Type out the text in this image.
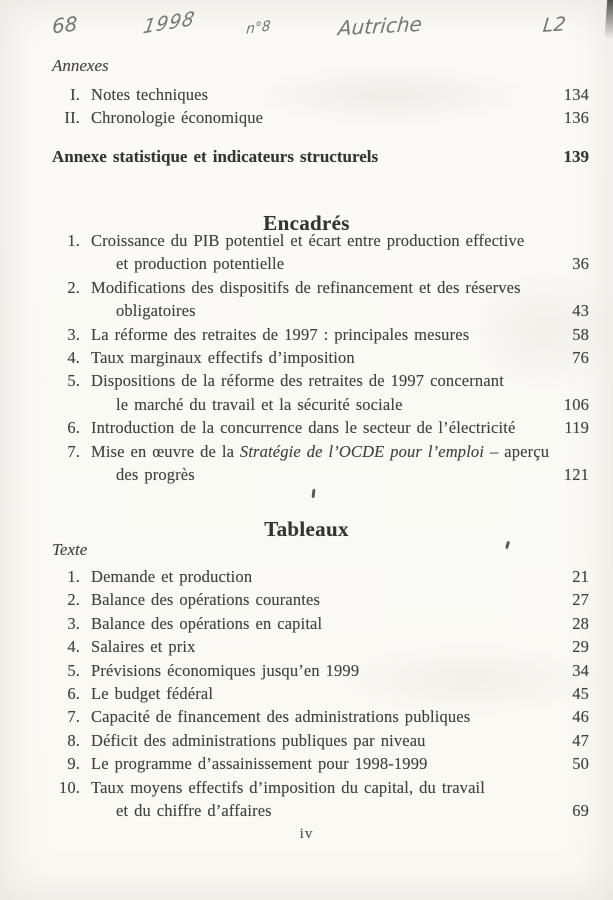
68	1998	n°8	Autriche	L2
Annexes
I. Notes techniques	134
II. Chronologie économique	136
Annexe statistique et indicateurs structurels	139
Encadrés
1. Croissance du PIB potentiel et écart entre production effective
et production potentielle	36
2. Modifications des dispositifs de refinancement et des réserves
obligatoires	43
3. La réforme des retraites de 1997 : principales mesures	58
4. Taux marginaux effectifs d’imposition	76
5. Dispositions de la réforme des retraites de 1997 concernant
le marché du travail et la sécurité sociale	106
6. Introduction de la concurrence dans le secteur de l’électricité	119
7. Mise en œuvre de la Stratégie de l’OCDE pour l’emploi – aperçu
des progrès	121
Tableaux
Texte
1. Demande et production	21
2. Balance des opérations courantes	27
3. Balance des opérations en capital	28
4. Salaires et prix	29
5. Prévisions économiques jusqu’en 1999	34
6. Le budget fédéral	45
7. Capacité de financement des administrations publiques	46
8. Déficit des administrations publiques par niveau	47
9. Le programme d’assainissement pour 1998-1999	50
10. Taux moyens effectifs d’imposition du capital, du travail
et du chiffre d’affaires	69
iv
